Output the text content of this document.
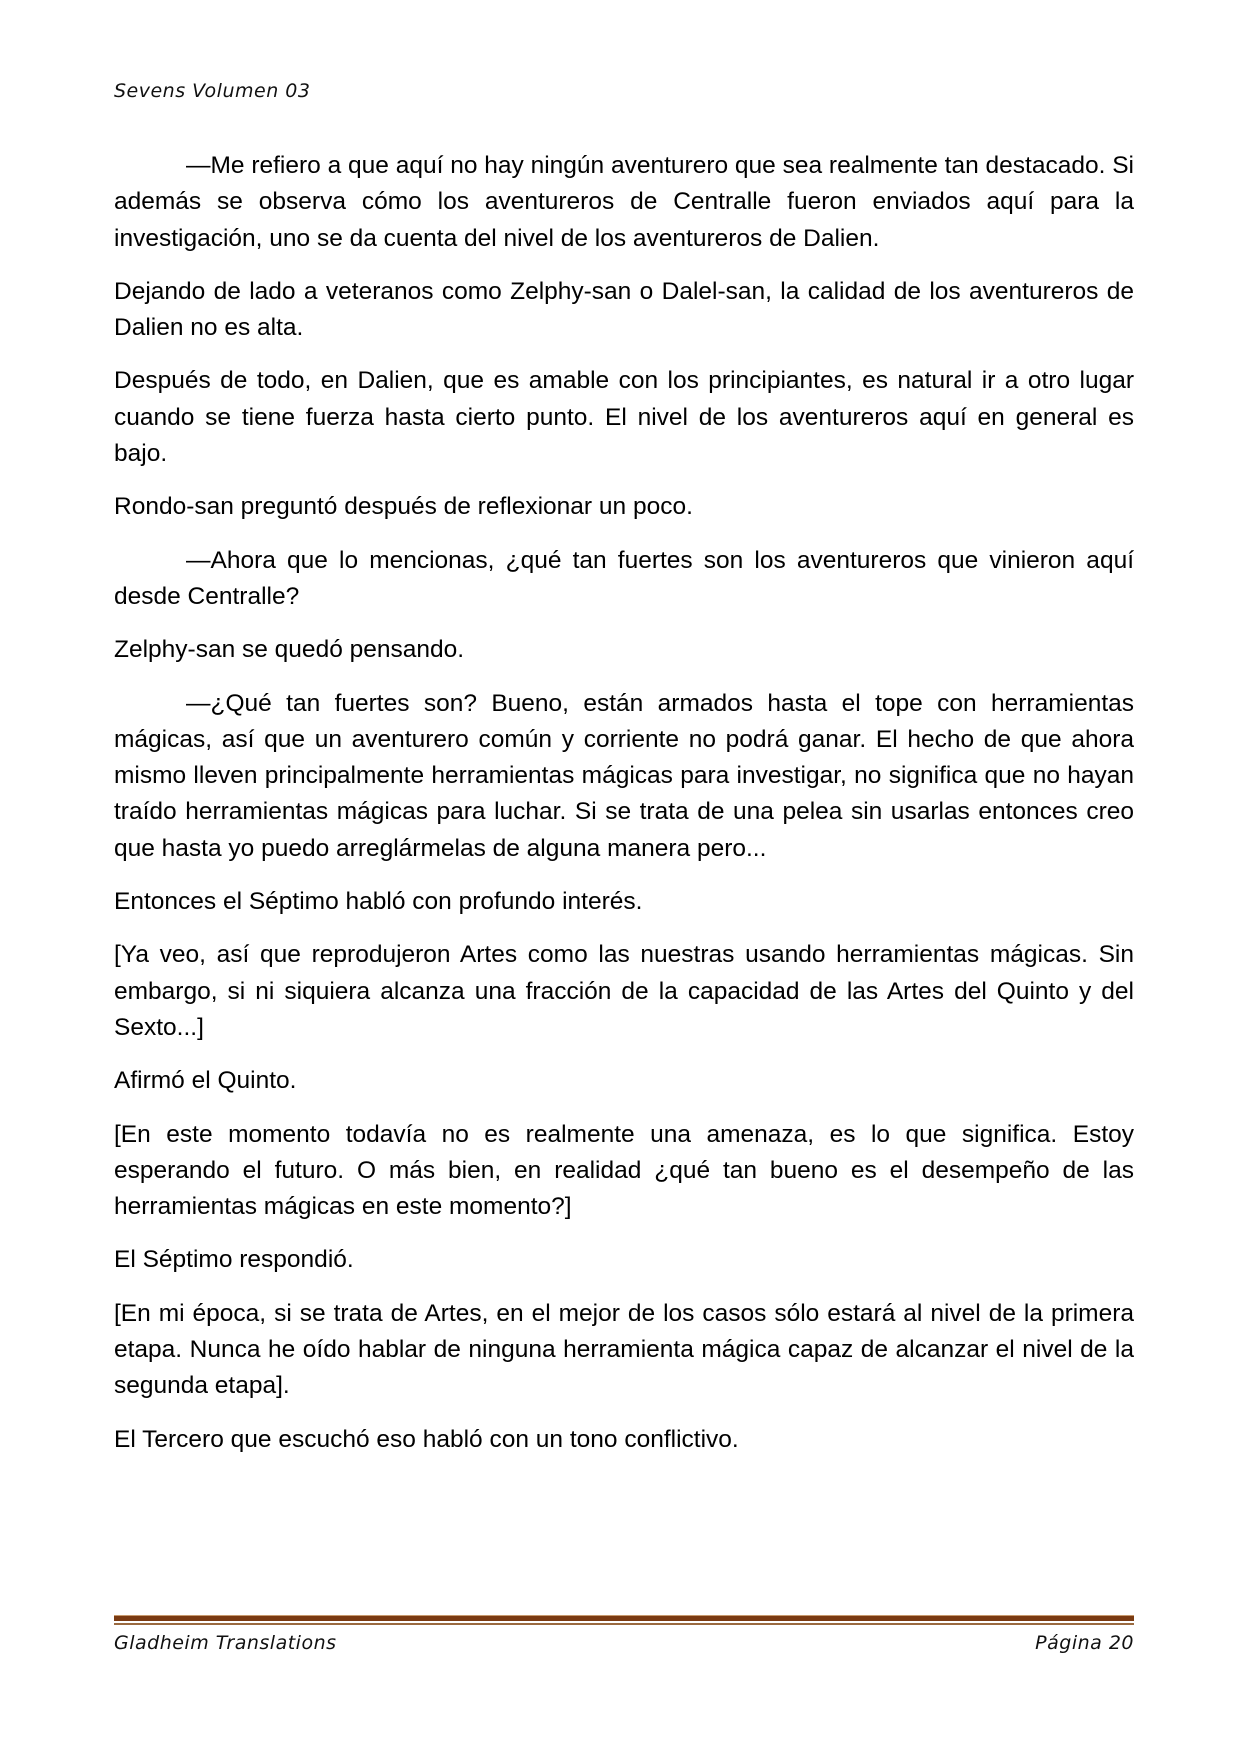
Sevens Volumen 03

—Me refiero a que aquí no hay ningún aventurero que sea realmente tan destacado. Si además se observa cómo los aventureros de Centralle fueron enviados aquí para la investigación, uno se da cuenta del nivel de los aventureros de Dalien.

Dejando de lado a veteranos como Zelphy-san o Dalel-san, la calidad de los aventureros de Dalien no es alta.

Después de todo, en Dalien, que es amable con los principiantes, es natural ir a otro lugar cuando se tiene fuerza hasta cierto punto. El nivel de los aventureros aquí en general es bajo.

Rondo-san preguntó después de reflexionar un poco.

—Ahora que lo mencionas, ¿qué tan fuertes son los aventureros que vinieron aquí desde Centralle?

Zelphy-san se quedó pensando.

—¿Qué tan fuertes son? Bueno, están armados hasta el tope con herramientas mágicas, así que un aventurero común y corriente no podrá ganar. El hecho de que ahora mismo lleven principalmente herramientas mágicas para investigar, no significa que no hayan traído herramientas mágicas para luchar. Si se trata de una pelea sin usarlas entonces creo que hasta yo puedo arreglármelas de alguna manera pero...

Entonces el Séptimo habló con profundo interés.

[Ya veo, así que reprodujeron Artes como las nuestras usando herramientas mágicas. Sin embargo, si ni siquiera alcanza una fracción de la capacidad de las Artes del Quinto y del Sexto...]

Afirmó el Quinto.

[En este momento todavía no es realmente una amenaza, es lo que significa. Estoy esperando el futuro. O más bien, en realidad ¿qué tan bueno es el desempeño de las herramientas mágicas en este momento?]

El Séptimo respondió.

[En mi época, si se trata de Artes, en el mejor de los casos sólo estará al nivel de la primera etapa. Nunca he oído hablar de ninguna herramienta mágica capaz de alcanzar el nivel de la segunda etapa].

El Tercero que escuchó eso habló con un tono conflictivo.

Gladheim Translations	Página 20
